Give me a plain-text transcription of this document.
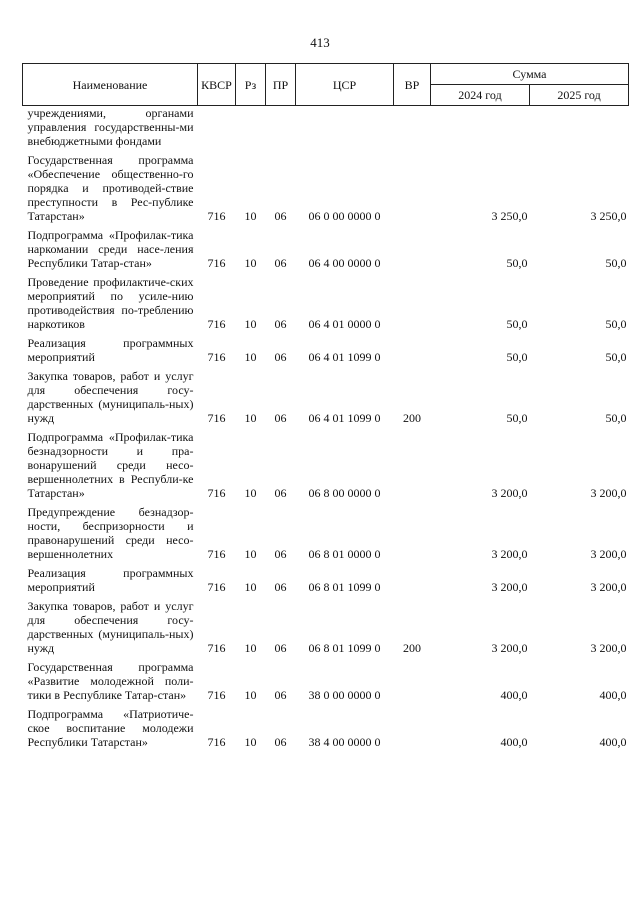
413
Наименование	КВСР	Рз	ПР	ЦСР	ВР	Сумма	
						2024 год	2025 год
учреждениями, органами управления государственны-ми внебюджетными фондами							
Государственная программа «Обеспечение общественно-го порядка и противодей-ствие преступности в Рес-публике Татарстан»	716	10	06	06 0 00 0000 0		3 250,0	3 250,0
Подпрограмма «Профилак-тика наркомании среди насе-ления Республики Татар-стан»	716	10	06	06 4 00 0000 0		50,0	50,0
Проведение профилактиче-ских мероприятий по усиле-нию противодействия по-треблению наркотиков	716	10	06	06 4 01 0000 0		50,0	50,0
Реализация программных мероприятий	716	10	06	06 4 01 1099 0		50,0	50,0
Закупка товаров, работ и услуг для обеспечения госу-дарственных (муниципаль-ных) нужд	716	10	06	06 4 01 1099 0	200	50,0	50,0
Подпрограмма «Профилак-тика безнадзорности и пра-вонарушений среди несо-вершеннолетних в Республи-ке Татарстан»	716	10	06	06 8 00 0000 0		3 200,0	3 200,0
Предупреждение безнадзор-ности, беспризорности и правонарушений среди несо-вершеннолетних	716	10	06	06 8 01 0000 0		3 200,0	3 200,0
Реализация программных мероприятий	716	10	06	06 8 01 1099 0		3 200,0	3 200,0
Закупка товаров, работ и услуг для обеспечения госу-дарственных (муниципаль-ных) нужд	716	10	06	06 8 01 1099 0	200	3 200,0	3 200,0
Государственная программа «Развитие молодежной поли-тики в Республике Татар-стан»	716	10	06	38 0 00 0000 0		400,0	400,0
Подпрограмма «Патриотиче-ское воспитание молодежи Республики Татарстан»	716	10	06	38 4 00 0000 0		400,0	400,0
